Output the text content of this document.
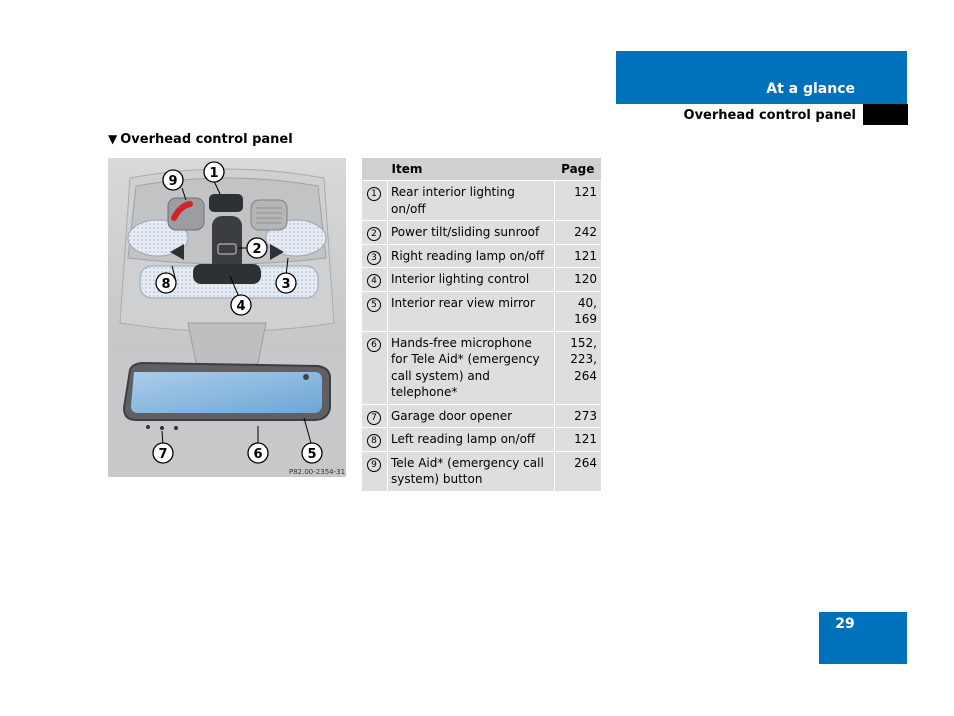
At a glance
Overhead control panel
▼ Overhead control panel
9
1
2
8	3
4
7	6	5
P82.00-2354-31
	Item	Page
1	Rear interior lighting on/off	121
2	Power tilt/sliding sunroof	242
3	Right reading lamp on/off	121
4	Interior lighting control	120
5	Interior rear view mirror	40,
169
6	Hands-free microphone for Tele Aid* (emergency call system) and telephone*	152,
223,
264
7	Garage door opener	273
8	Left reading lamp on/off	121
9	Tele Aid* (emergency call system) button	264
29
